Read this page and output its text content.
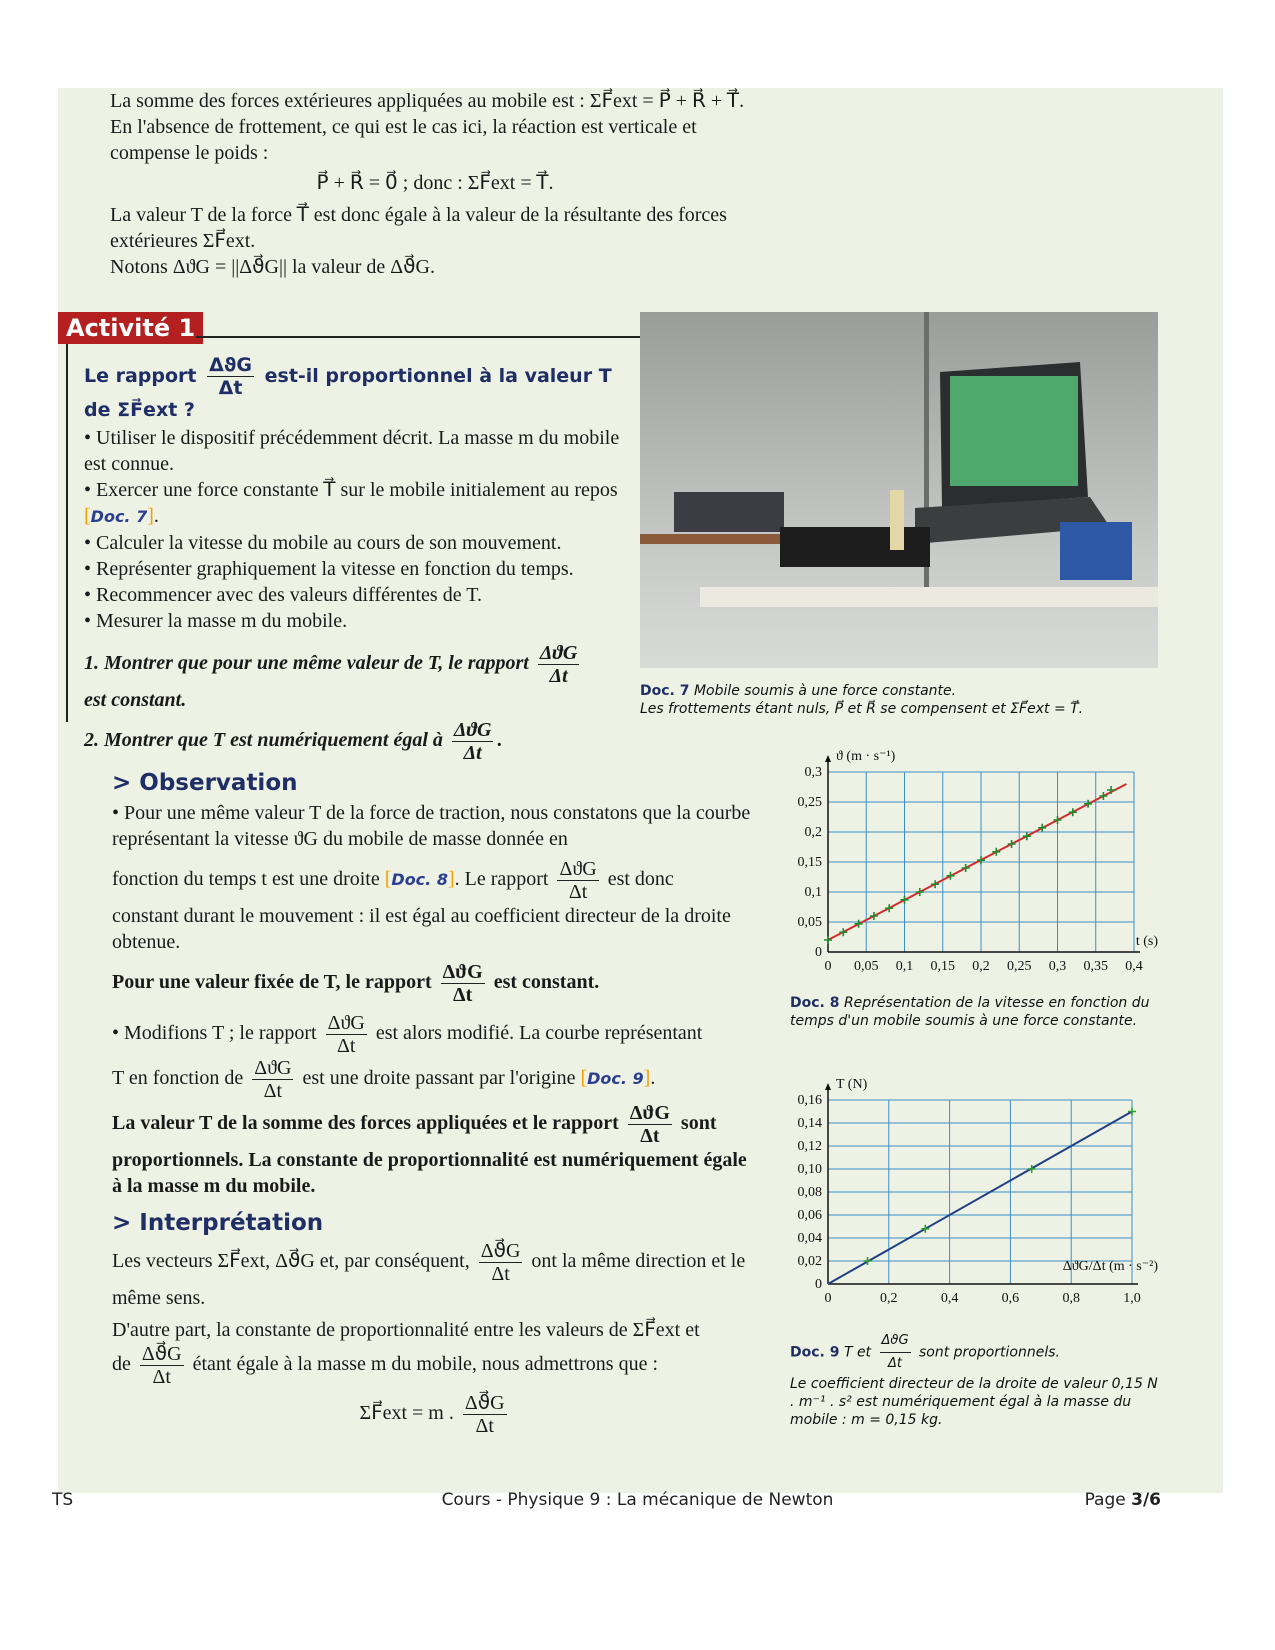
La somme des forces extérieures appliquées au mobile est : ΣF⃗ext = P⃗ + R⃗ + T⃗.

En l'absence de frottement, ce qui est le cas ici, la réaction est verticale et compense le poids :

P⃗ + R⃗ = 0⃗ ; donc : ΣF⃗ext = T⃗.

La valeur T de la force T⃗ est donc égale à la valeur de la résultante des forces extérieures ΣF⃗ext.

Notons ΔϑG = ||Δϑ⃗G|| la valeur de Δϑ⃗G.

Activité 1
Le rapport ΔϑG
Δt
est-il proportionnel à la valeur T
de ΣF⃗ext ?

• Utiliser le dispositif précédemment décrit. La masse m du mobile est connue.

• Exercer une force constante T⃗ sur le mobile initialement au repos [Doc. 7].

• Calculer la vitesse du mobile au cours de son mouvement.

• Représenter graphiquement la vitesse en fonction du temps.

• Recommencer avec des valeurs différentes de T.

• Mesurer la masse m du mobile.

1. Montrer que pour une même valeur de T, le rapport ΔϑG
Δt

est constant.

2. Montrer que T est numériquement égal à ΔϑG
Δt
.

Doc. 7 Mobile soumis à une force constante.
Les frottements étant nuls, P⃗ et R⃗ se compensent et ΣF⃗ext = T⃗.
> Observation

• Pour une même valeur T de la force de traction, nous constatons que la courbe représentant la vitesse ϑG du mobile de masse donnée en

fonction du temps t est une droite [Doc. 8]. Le rapport ΔϑG
Δt
est donc

constant durant le mouvement : il est égal au coefficient directeur de la droite obtenue.

Pour une valeur fixée de T, le rapport ΔϑG
Δt
est constant.

• Modifions T ; le rapport ΔϑG
Δt
est alors modifié. La courbe représentant

T en fonction de ΔϑG
Δt
est une droite passant par l'origine [Doc. 9].

La valeur T de la somme des forces appliquées et le rapport ΔϑG
Δt
sont

proportionnels. La constante de proportionnalité est numériquement égale à la masse m du mobile.

> Interprétation

Les vecteurs ΣF⃗ext, Δϑ⃗G et, par conséquent, $\frac{\Delta ϑ⃗G}{\Delta t}$ ont la même direction et le même sens.

D'autre part, la constante de proportionnalité entre les valeurs de ΣF⃗ext et

de $\frac{\Delta ϑ⃗G}{\Delta t}$ étant égale à la masse m du mobile, nous admettrons que :

ΣF⃗ext = m . $\frac{\Delta ϑ⃗G}{\Delta t}$

0 0,05 0,1 0,15 0,2 0,25 0,3 0,35 0,4
0
0,05
0,1
0,15
0,2
0,25
0,3
ϑ (m · s⁻¹)
t (s)
Doc. 8 Représentation de la vitesse en fonction du temps d'un mobile soumis à une force constante.
0	0,2	0,4	0,6	0,8	1,0
0
0,02
0,04
0,06
0,08
0,10
0,12
0,14
0,16
T (N)
ΔϑG/Δt (m · s⁻²)
Doc. 9 T et
ΔϑG
Δt
sont proportionnels.
Le coefficient directeur de la droite de valeur 0,15 N . m⁻¹ . s² est numériquement égal à la masse du mobile : m = 0,15 kg.
TS	Cours - Physique 9 : La mécanique de Newton	Page 3/6
